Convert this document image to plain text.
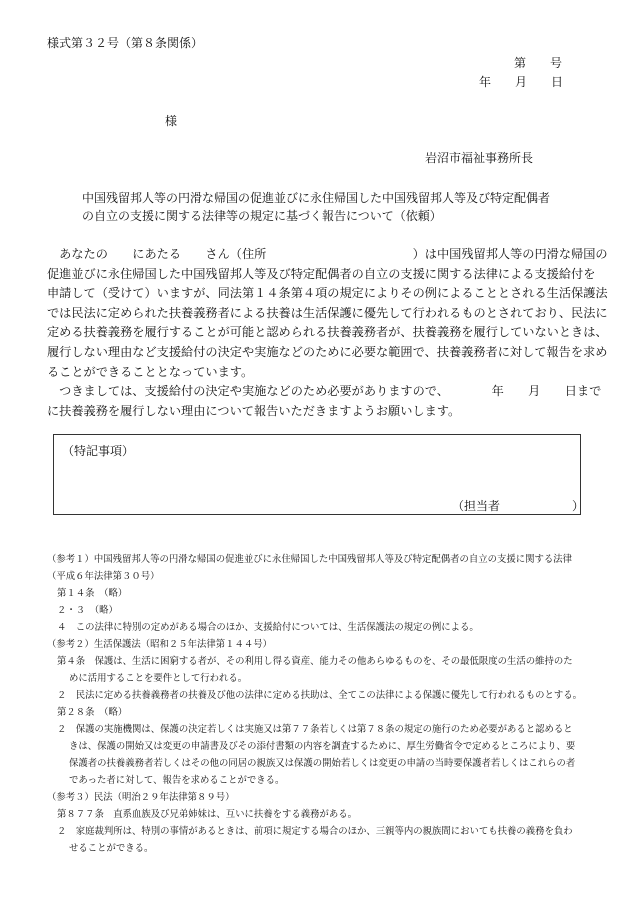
様式第３２号（第８条関係）
第　　号
年　　月　　日
様
岩沼市福祉事務所長
中国残留邦人等の円滑な帰国の促進並びに永住帰国した中国残留邦人等及び特定配偶者
の自立の支援に関する法律等の規定に基づく報告について（依頼）
　あなたの　　にあたる　　さん（住所　　　　　　　　　　　　）は中国残留邦人等の円滑な帰国の
促進並びに永住帰国した中国残留邦人等及び特定配偶者の自立の支援に関する法律による支援給付を
申請して（受けて）いますが、同法第１４条第４項の規定によりその例によることとされる生活保護法
では民法に定められた扶養義務者による扶養は生活保護に優先して行われるものとされており、民法に
定める扶養義務を履行することが可能と認められる扶養義務者が、扶養義務を履行していないときは、
履行しない理由など支援給付の決定や実施などのために必要な範囲で、扶養義務者に対して報告を求め
ることができることとなっています。
　つきましては、支援給付の決定や実施などのため必要がありますので、　　　　年　　月　　日まで
に扶養義務を履行しない理由について報告いただきますようお願いします。
（特記事項）
（担当者　　　　　　）
（参考１）中国残留邦人等の円滑な帰国の促進並びに永住帰国した中国残留邦人等及び特定配偶者の自立の支援に関する法律
（平成６年法律第３０号）
第１４条　（略）
２・３　（略）
４　この法律に特別の定めがある場合のほか、支援給付については、生活保護法の規定の例による。
（参考２）生活保護法（昭和２５年法律第１４４号）
第４条　保護は、生活に困窮する者が、その利用し得る資産、能力その他あらゆるものを、その最低限度の生活の維持のた
めに活用することを要件として行われる。
２　民法に定める扶養義務者の扶養及び他の法律に定める扶助は、全てこの法律による保護に優先して行われるものとする。
第２８条　（略）
２　保護の実施機関は、保護の決定若しくは実施又は第７７条若しくは第７８条の規定の施行のため必要があると認めると
きは、保護の開始又は変更の申請書及びその添付書類の内容を調査するために、厚生労働省令で定めるところにより、要
保護者の扶養義務者若しくはその他の同居の親族又は保護の開始若しくは変更の申請の当時要保護者若しくはこれらの者
であった者に対して、報告を求めることができる。
（参考３）民法（明治２９年法律第８９号）
第８７７条　直系血族及び兄弟姉妹は、互いに扶養をする義務がある。
２　家庭裁判所は、特別の事情があるときは、前項に規定する場合のほか、三親等内の親族間においても扶養の義務を負わ
せることができる。
